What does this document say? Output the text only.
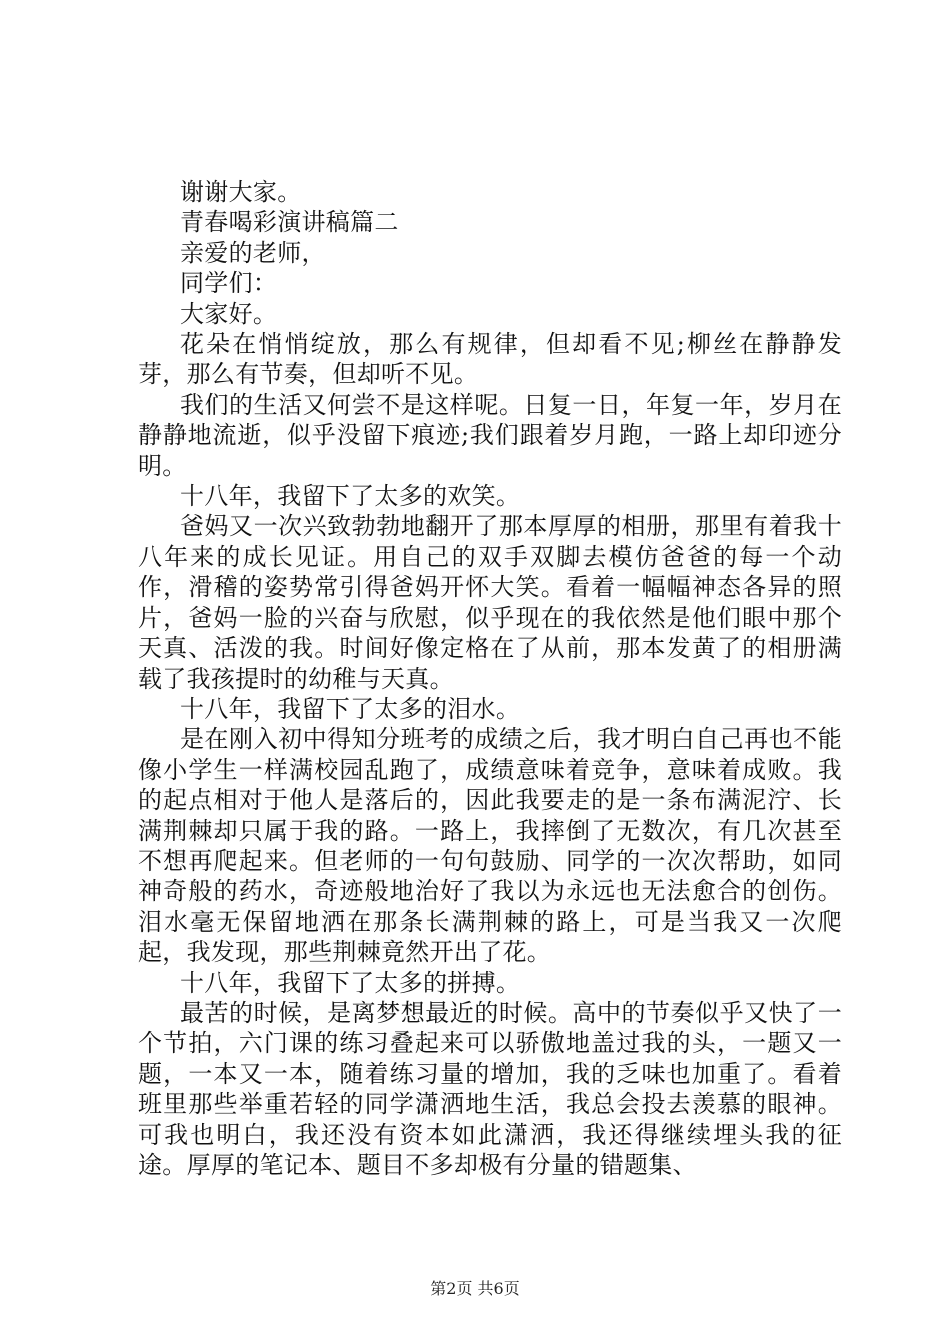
谢谢大家。

青春喝彩演讲稿篇二

亲爱的老师，

同学们：

大家好。

花朵在悄悄绽放，那么有规律，但却看不见;柳丝在静静发芽，那么有节奏，但却听不见。

我们的生活又何尝不是这样呢。日复一日，年复一年，岁月在静静地流逝，似乎没留下痕迹;我们跟着岁月跑，一路上却印迹分明。

十八年，我留下了太多的欢笑。

爸妈又一次兴致勃勃地翻开了那本厚厚的相册，那里有着我十八年来的成长见证。用自己的双手双脚去模仿爸爸的每一个动作，滑稽的姿势常引得爸妈开怀大笑。看着一幅幅神态各异的照片，爸妈一脸的兴奋与欣慰，似乎现在的我依然是他们眼中那个天真、活泼的我。时间好像定格在了从前，那本发黄了的相册满载了我孩提时的幼稚与天真。

十八年，我留下了太多的泪水。

是在刚入初中得知分班考的成绩之后，我才明白自己再也不能像小学生一样满校园乱跑了，成绩意味着竞争，意味着成败。我的起点相对于他人是落后的，因此我要走的是一条布满泥泞、长满荆棘却只属于我的路。一路上，我摔倒了无数次，有几次甚至不想再爬起来。但老师的一句句鼓励、同学的一次次帮助，如同神奇般的药水，奇迹般地治好了我以为永远也无法愈合的创伤。泪水毫无保留地洒在那条长满荆棘的路上，可是当我又一次爬起，我发现，那些荆棘竟然开出了花。

十八年，我留下了太多的拼搏。

最苦的时候，是离梦想最近的时候。高中的节奏似乎又快了一个节拍，六门课的练习叠起来可以骄傲地盖过我的头，一题又一题，一本又一本，随着练习量的增加，我的乏味也加重了。看着班里那些举重若轻的同学潇洒地生活，我总会投去羡慕的眼神。可我也明白，我还没有资本如此潇洒，我还得继续埋头我的征途。厚厚的笔记本、题目不多却极有分量的错题集、

第2页 共6页
